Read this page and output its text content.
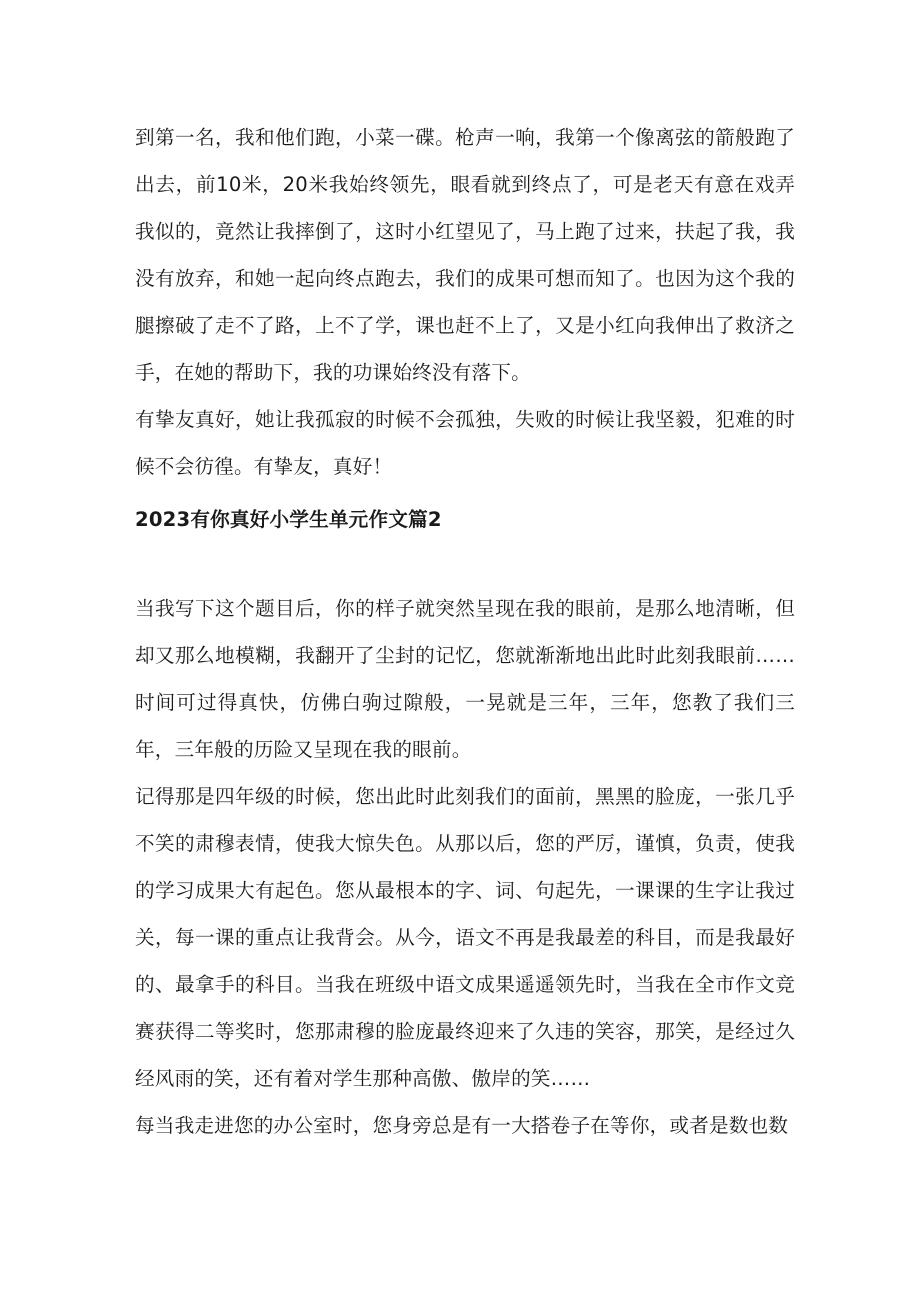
到第一名，我和他们跑，小菜一碟。枪声一响，我第一个像离弦的箭般跑了出去，前10米，20米我始终领先，眼看就到终点了，可是老天有意在戏弄我似的，竟然让我摔倒了，这时小红望见了，马上跑了过来，扶起了我，我没有放弃，和她一起向终点跑去，我们的成果可想而知了。也因为这个我的腿擦破了走不了路，上不了学，课也赶不上了，又是小红向我伸出了救济之手，在她的帮助下，我的功课始终没有落下。

有挚友真好，她让我孤寂的时候不会孤独，失败的时候让我坚毅，犯难的时候不会彷徨。有挚友，真好！

2023有你真好小学生单元作文篇2

当我写下这个题目后，你的样子就突然呈现在我的眼前，是那么地清晰，但却又那么地模糊，我翻开了尘封的记忆，您就渐渐地出此时此刻我眼前……时间可过得真快，仿佛白驹过隙般，一晃就是三年，三年，您教了我们三年，三年般的历险又呈现在我的眼前。

记得那是四年级的时候，您出此时此刻我们的面前，黑黑的脸庞，一张几乎不笑的肃穆表情，使我大惊失色。从那以后，您的严厉，谨慎，负责，使我的学习成果大有起色。您从最根本的字、词、句起先，一课课的生字让我过关，每一课的重点让我背会。从今，语文不再是我最差的科目，而是我最好的、最拿手的科目。当我在班级中语文成果遥遥领先时，当我在全市作文竞赛获得二等奖时，您那肃穆的脸庞最终迎来了久违的笑容，那笑，是经过久经风雨的笑，还有着对学生那种高傲、傲岸的笑……

每当我走进您的办公室时，您身旁总是有一大搭卷子在等你，或者是数也数
